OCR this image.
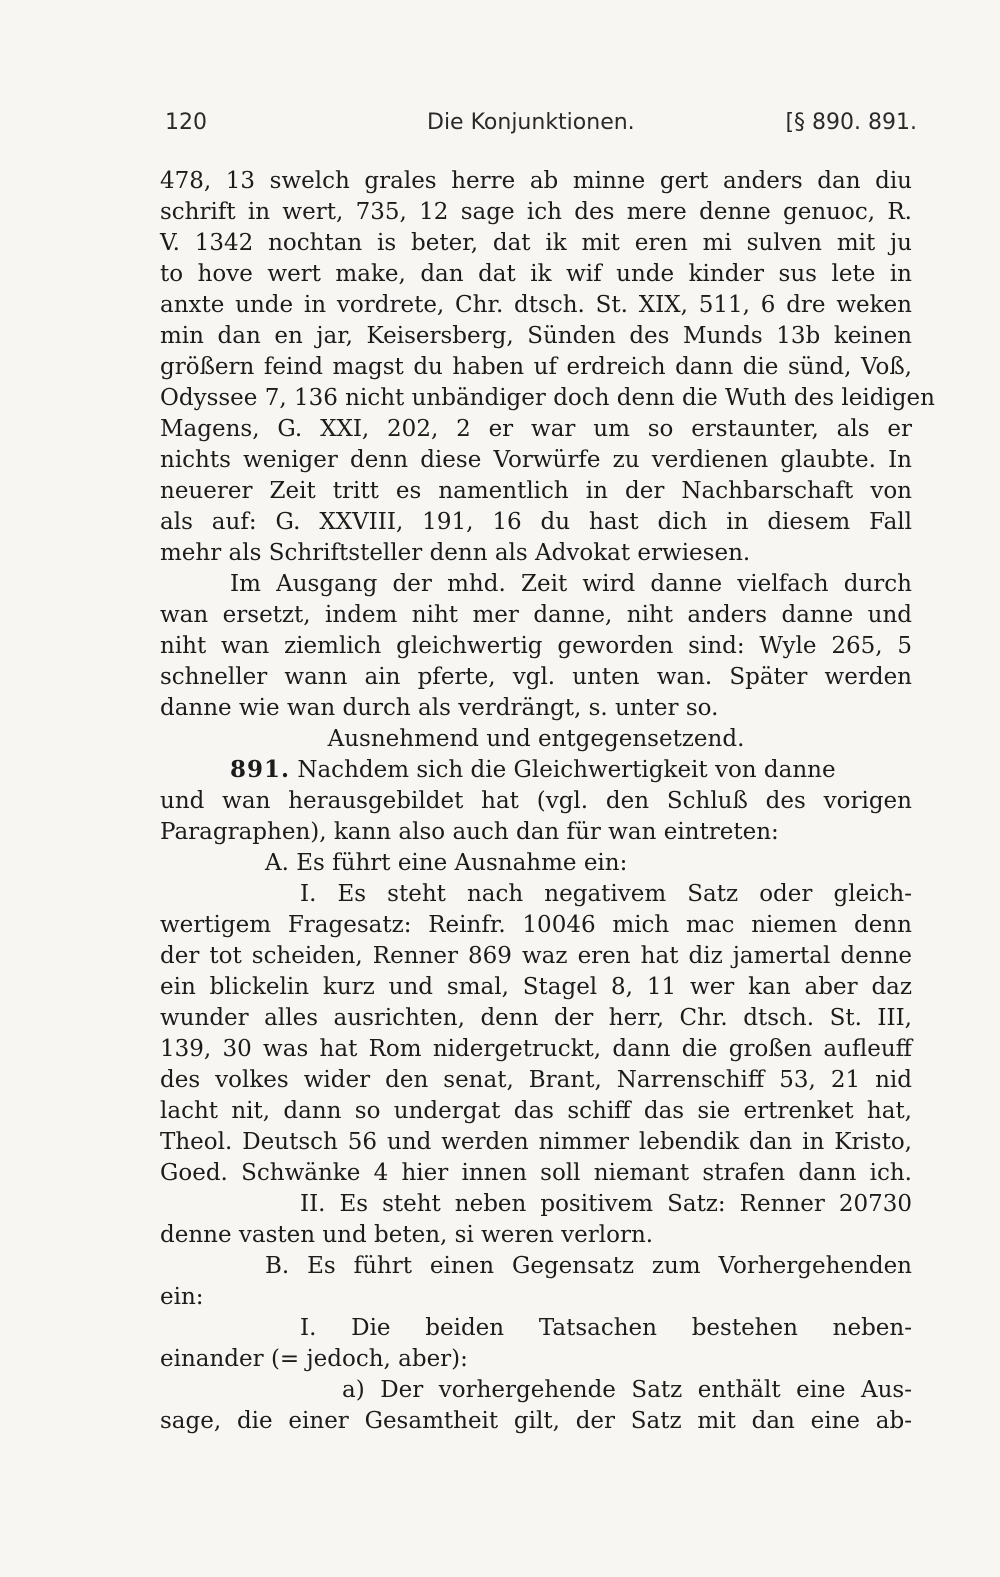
120	Die Konjunktionen.	[§ 890. 891.
478, 13 swelch grales herre ab minne gert anders dan diu
schrift in wert, 735, 12 sage ich des mere denne genuoc, R.
V. 1342 nochtan is beter, dat ik mit eren mi sulven mit ju
to hove wert make, dan dat ik wif unde kinder sus lete in
anxte unde in vordrete, Chr. dtsch. St. XIX, 511, 6 dre weken
min dan en jar, Keisersberg, Sünden des Munds 13b keinen
größern feind magst du haben uf erdreich dann die sünd, Voß,
Odyssee 7, 136 nicht unbändiger doch denn die Wuth des leidigen
Magens, G. XXI, 202, 2 er war um so erstaunter, als er
nichts weniger denn diese Vorwürfe zu verdienen glaubte. In
neuerer Zeit tritt es namentlich in der Nachbarschaft von
als auf: G. XXVIII, 191, 16 du hast dich in diesem Fall
mehr als Schriftsteller denn als Advokat erwiesen.
Im Ausgang der mhd. Zeit wird danne vielfach durch
wan ersetzt, indem niht mer danne, niht anders danne und
niht wan ziemlich gleichwertig geworden sind: Wyle 265, 5
schneller wann ain pferte, vgl. unten wan. Später werden
danne wie wan durch als verdrängt, s. unter so.
Ausnehmend und entgegensetzend.
891. Nachdem sich die Gleichwertigkeit von danne
und wan herausgebildet hat (vgl. den Schluß des vorigen
Paragraphen), kann also auch dan für wan eintreten:
A. Es führt eine Ausnahme ein:
I. Es steht nach negativem Satz oder gleich-
wertigem Fragesatz: Reinfr. 10046 mich mac niemen denn
der tot scheiden, Renner 869 waz eren hat diz jamertal denne
ein blickelin kurz und smal, Stagel 8, 11 wer kan aber daz
wunder alles ausrichten, denn der herr, Chr. dtsch. St. III,
139, 30 was hat Rom nidergetruckt, dann die großen aufleuff
des volkes wider den senat, Brant, Narrenschiff 53, 21 nid
lacht nit, dann so undergat das schiff das sie ertrenket hat,
Theol. Deutsch 56 und werden nimmer lebendik dan in Kristo,
Goed. Schwänke 4 hier innen soll niemant strafen dann ich.
II. Es steht neben positivem Satz: Renner 20730
denne vasten und beten, si weren verlorn.
B. Es führt einen Gegensatz zum Vorhergehenden
ein:
I. Die beiden Tatsachen bestehen neben-
einander (= jedoch, aber):
a) Der vorhergehende Satz enthält eine Aus-
sage, die einer Gesamtheit gilt, der Satz mit dan eine ab-
